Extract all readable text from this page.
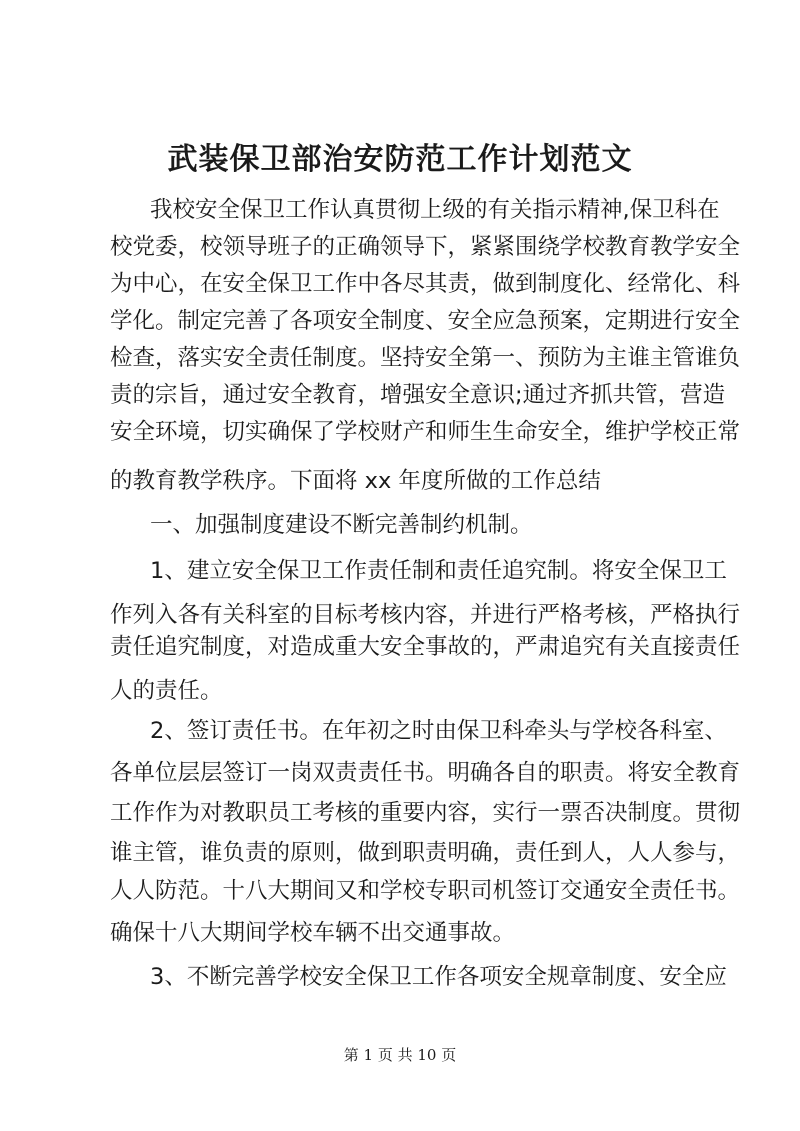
武装保卫部治安防范工作计划范文
我校安全保卫工作认真贯彻上级的有关指示精神,保卫科在
校党委，校领导班子的正确领导下，紧紧围绕学校教育教学安全
为中心，在安全保卫工作中各尽其责，做到制度化、经常化、科
学化。制定完善了各项安全制度、安全应急预案，定期进行安全
检查，落实安全责任制度。坚持安全第一、预防为主谁主管谁负
责的宗旨，通过安全教育，增强安全意识;通过齐抓共管，营造
安全环境，切实确保了学校财产和师生生命安全，维护学校正常
的教育教学秩序。下面将 xx 年度所做的工作总结
一、加强制度建设不断完善制约机制。
1、建立安全保卫工作责任制和责任追究制。将安全保卫工
作列入各有关科室的目标考核内容，并进行严格考核，严格执行
责任追究制度，对造成重大安全事故的，严肃追究有关直接责任
人的责任。
2、签订责任书。在年初之时由保卫科牵头与学校各科室、
各单位层层签订一岗双责责任书。明确各自的职责。将安全教育
工作作为对教职员工考核的重要内容，实行一票否决制度。贯彻
谁主管，谁负责的原则，做到职责明确，责任到人，人人参与，
人人防范。十八大期间又和学校专职司机签订交通安全责任书。
确保十八大期间学校车辆不出交通事故。
3、不断完善学校安全保卫工作各项安全规章制度、安全应
第 1 页 共 10 页
